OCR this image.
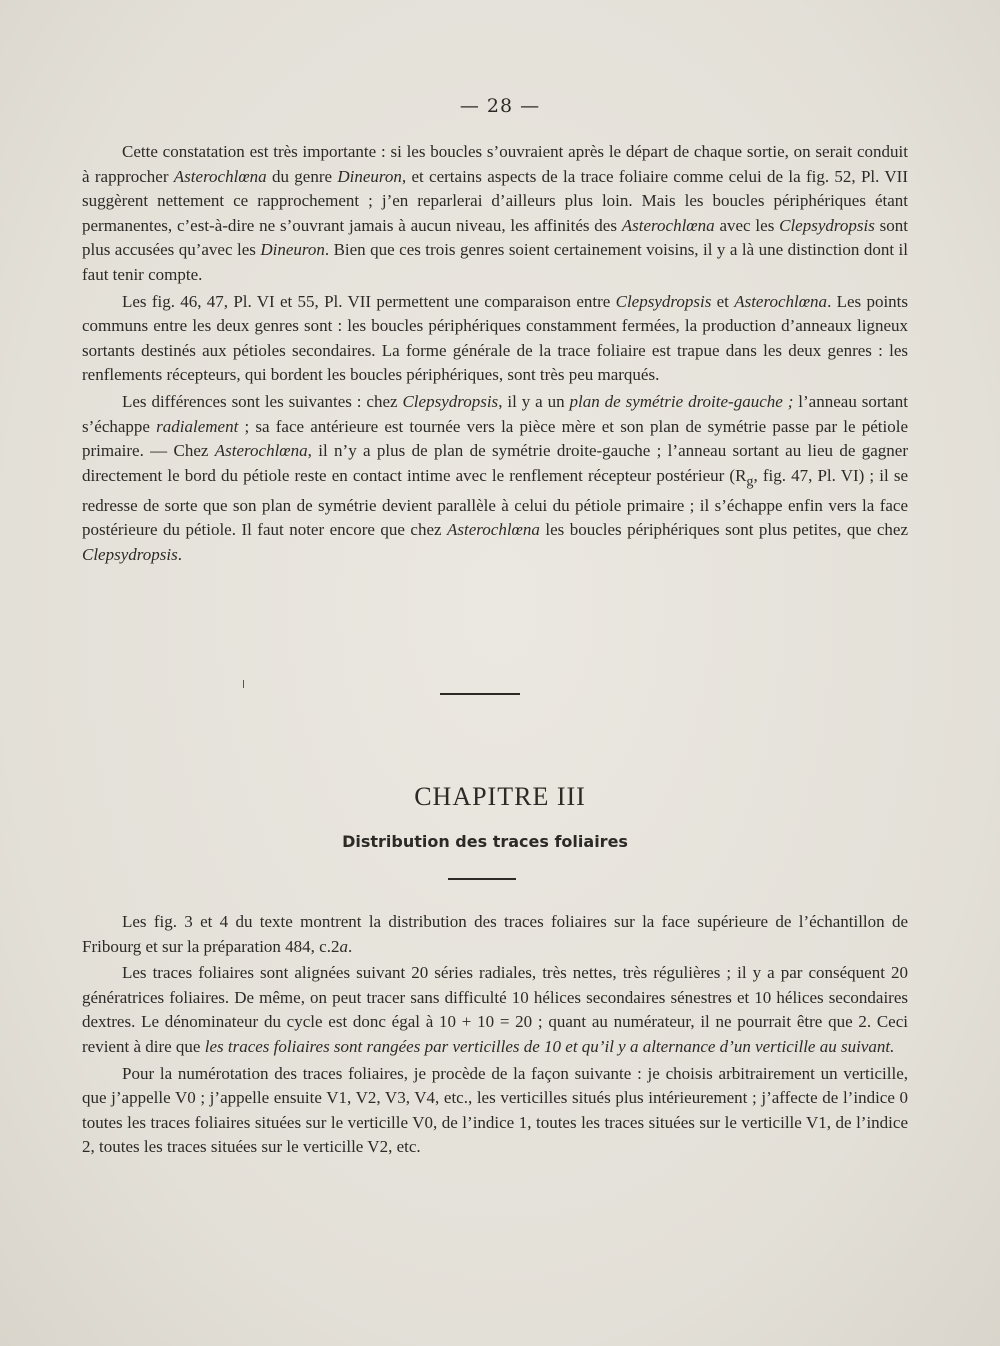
— 28 —

Cette constatation est très importante : si les boucles s’ouvraient après le départ de chaque sortie, on serait conduit à rapprocher Asterochlœna du genre Dineuron, et certains aspects de la trace foliaire comme celui de la fig. 52, Pl. VII suggèrent nettement ce rapprochement ; j’en reparlerai d’ailleurs plus loin. Mais les boucles périphériques étant permanentes, c’est-à-dire ne s’ouvrant jamais à aucun niveau, les affinités des Asterochlœna avec les Clepsydropsis sont plus accusées qu’avec les Dineuron. Bien que ces trois genres soient certainement voisins, il y a là une distinction dont il faut tenir compte.

Les fig. 46, 47, Pl. VI et 55, Pl. VII permettent une comparaison entre Clepsydropsis et Asterochlœna. Les points communs entre les deux genres sont : les boucles périphériques constamment fermées, la production d’anneaux ligneux sortants destinés aux pétioles secondaires. La forme générale de la trace foliaire est trapue dans les deux genres : les renflements récepteurs, qui bordent les boucles périphériques, sont très peu marqués.

Les différences sont les suivantes : chez Clepsydropsis, il y a un plan de symétrie droite-gauche ; l’anneau sortant s’échappe radialement ; sa face antérieure est tournée vers la pièce mère et son plan de symétrie passe par le pétiole primaire. — Chez Asterochlœna, il n’y a plus de plan de symétrie droite-gauche ; l’anneau sortant au lieu de gagner directement le bord du pétiole reste en contact intime avec le renflement récepteur postérieur ($R_g$, fig. 47, Pl. VI) ; il se redresse de sorte que son plan de symétrie devient parallèle à celui du pétiole primaire ; il s’échappe enfin vers la face postérieure du pétiole. Il faut noter encore que chez Asterochlœna les boucles périphériques sont plus petites, que chez Clepsydropsis.

CHAPITRE III
Distribution des traces foliaires

Les fig. 3 et 4 du texte montrent la distribution des traces foliaires sur la face supérieure de l’échantillon de Fribourg et sur la préparation 484, c.2a.

Les traces foliaires sont alignées suivant 20 séries radiales, très nettes, très régulières ; il y a par conséquent 20 génératrices foliaires. De même, on peut tracer sans difficulté 10 hélices secondaires sénestres et 10 hélices secondaires dextres. Le dénominateur du cycle est donc égal à 10 + 10 = 20 ; quant au numérateur, il ne pourrait être que 2. Ceci revient à dire que les traces foliaires sont rangées par verticilles de 10 et qu’il y a alternance d’un verticille au suivant.

Pour la numérotation des traces foliaires, je procède de la façon suivante : je choisis arbitrairement un verticille, que j’appelle V0 ; j’appelle ensuite V1, V2, V3, V4, etc., les verticilles situés plus intérieurement ; j’affecte de l’indice 0 toutes les traces foliaires situées sur le verticille V0, de l’indice 1, toutes les traces situées sur le verticille V1, de l’indice 2, toutes les traces situées sur le verticille V2, etc.
